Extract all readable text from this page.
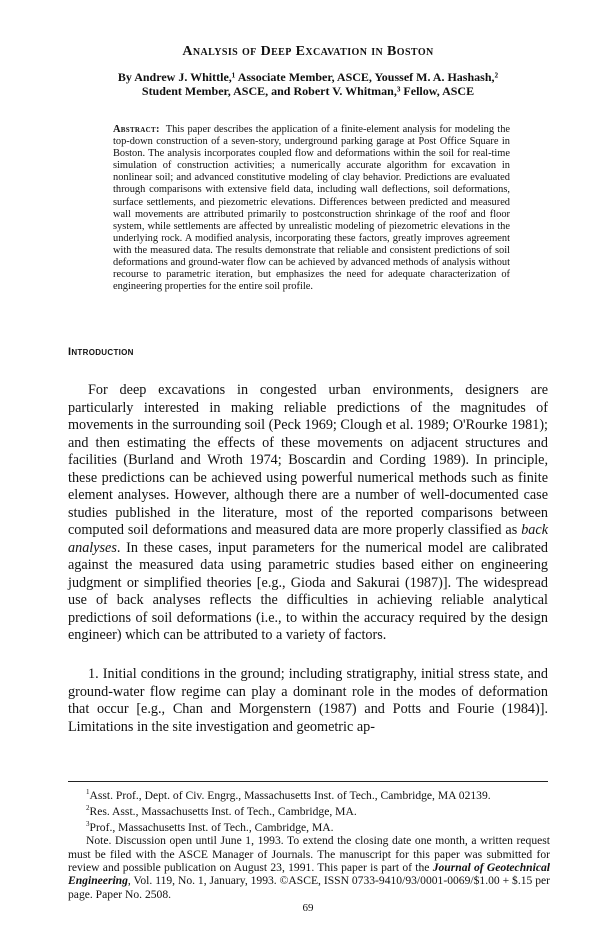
Analysis of Deep Excavation in Boston

By Andrew J. Whittle,¹ Associate Member, ASCE, Youssef M. A. Hashash,²

Student Member, ASCE, and Robert V. Whitman,³ Fellow, ASCE

Abstract: This paper describes the application of a finite-element analysis for modeling the top-down construction of a seven-story, underground parking garage at Post Office Square in Boston. The analysis incorporates coupled flow and deformations within the soil for real-time simulation of construction activities; a numerically accurate algorithm for excavation in nonlinear soil; and advanced constitutive modeling of clay behavior. Predictions are evaluated through comparisons with extensive field data, including wall deflections, soil deformations, surface settlements, and piezometric elevations. Differences between predicted and measured wall movements are attributed primarily to postconstruction shrinkage of the roof and floor system, while settlements are affected by unrealistic modeling of piezometric elevations in the underlying rock. A modified analysis, incorporating these factors, greatly improves agreement with the measured data. The results demonstrate that reliable and consistent predictions of soil deformations and ground-water flow can be achieved by advanced methods of analysis without recourse to parametric iteration, but emphasizes the need for adequate characterization of engineering properties for the entire soil profile.
Introduction
For deep excavations in congested urban environments, designers are particularly interested in making reliable predictions of the magnitudes of movements in the surrounding soil (Peck 1969; Clough et al. 1989; O'Rourke 1981); and then estimating the effects of these movements on adjacent structures and facilities (Burland and Wroth 1974; Boscardin and Cording 1989). In principle, these predictions can be achieved using powerful numerical methods such as finite element analyses. However, although there are a number of well-documented case studies published in the literature, most of the reported comparisons between computed soil deformations and measured data are more properly classified as back analyses. In these cases, input parameters for the numerical model are calibrated against the measured data using parametric studies based either on engineering judgment or simplified theories [e.g., Gioda and Sakurai (1987)]. The widespread use of back analyses reflects the difficulties in achieving reliable analytical predictions of soil deformations (i.e., to within the accuracy required by the design engineer) which can be attributed to a variety of factors.
1. Initial conditions in the ground; including stratigraphy, initial stress state, and ground-water flow regime can play a dominant role in the modes of deformation that occur [e.g., Chan and Morgenstern (1987) and Potts and Fourie (1984)]. Limitations in the site investigation and geometric ap-

$^1$Asst. Prof., Dept. of Civ. Engrg., Massachusetts Inst. of Tech., Cambridge, MA 02139.

$^2$Res. Asst., Massachusetts Inst. of Tech., Cambridge, MA.

$^3$Prof., Massachusetts Inst. of Tech., Cambridge, MA.

Note. Discussion open until June 1, 1993. To extend the closing date one month, a written request must be filed with the ASCE Manager of Journals. The manuscript for this paper was submitted for review and possible publication on August 23, 1991. This paper is part of the Journal of Geotechnical Engineering, Vol. 119, No. 1, January, 1993. ©ASCE, ISSN 0733-9410/93/0001-0069/$1.00 + $.15 per page. Paper No. 2508.

69
